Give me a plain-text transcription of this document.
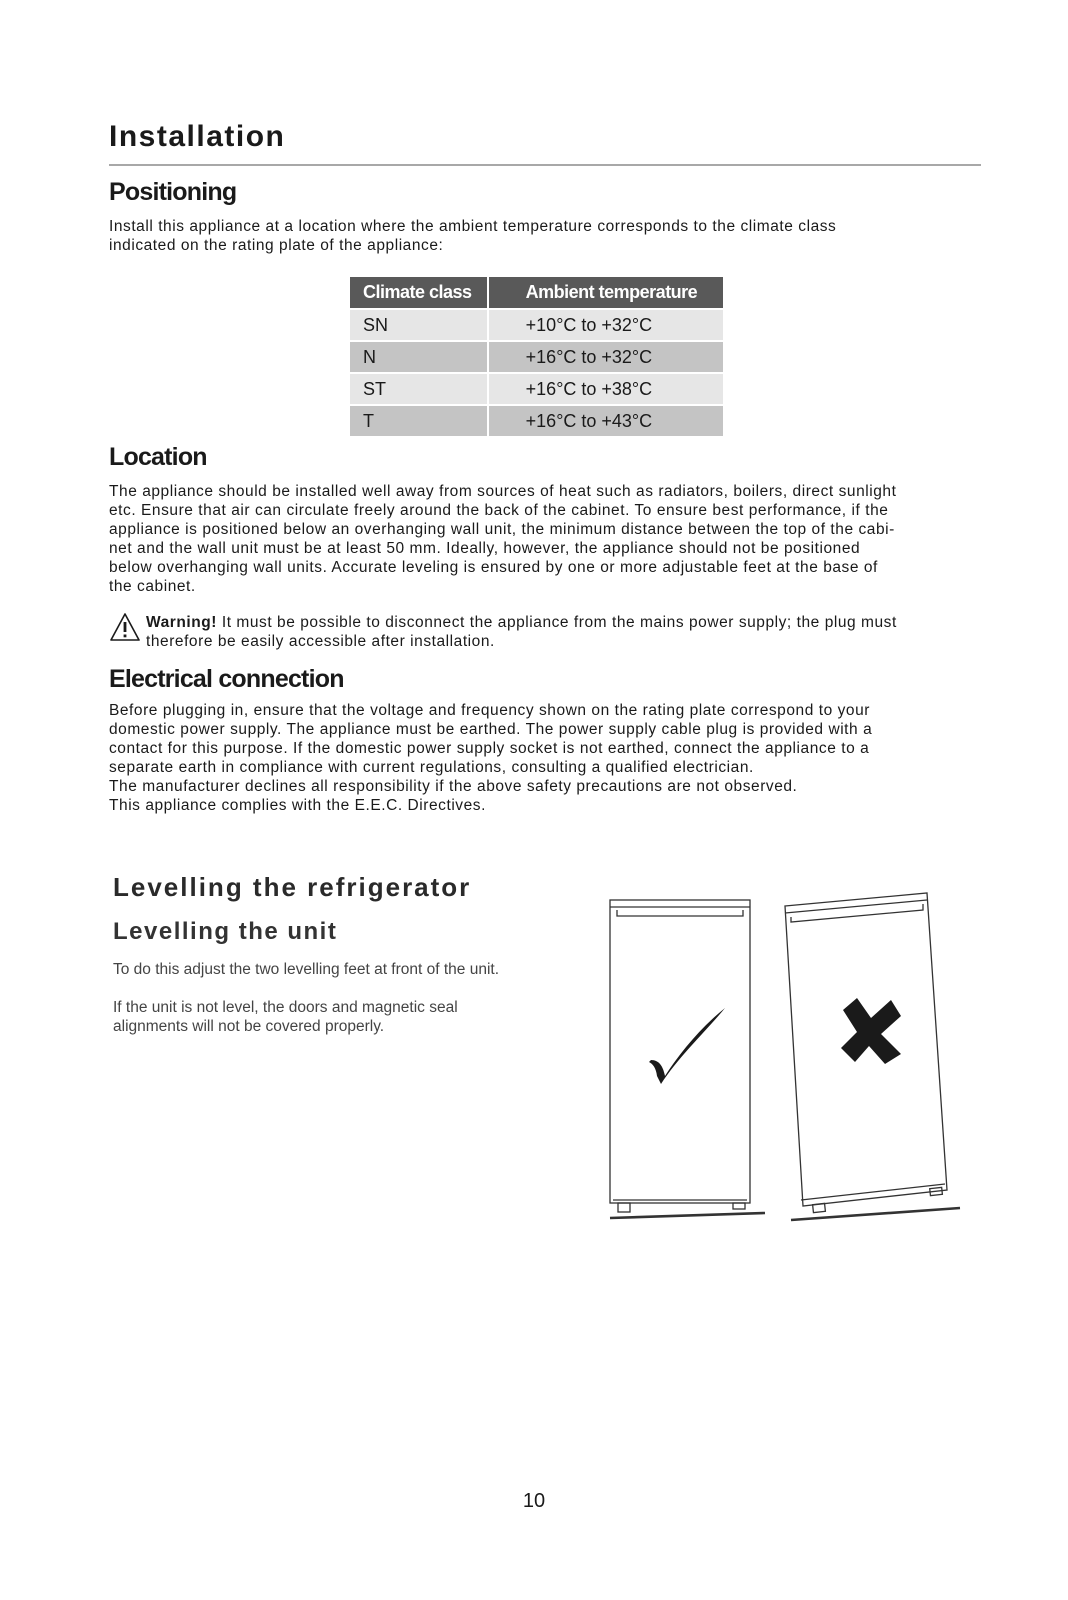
Installation
Positioning

Install this appliance at a location where the ambient temperature corresponds to the climate class
indicated on the rating plate of the appliance:

Climate class	Ambient temperature
SN	+10°C to +32°C
N	+16°C to +32°C
ST	+16°C to +38°C
T	+16°C to +43°C
Location

The appliance should be installed well away from sources of heat such as radiators, boilers, direct sunlight
etc. Ensure that air can circulate freely around the back of the cabinet. To ensure best performance, if the
appliance is positioned below an overhanging wall unit, the minimum distance between the top of the cabi-
net and the wall unit must be at least 50 mm. Ideally, however, the appliance should not be positioned
below overhanging wall units. Accurate leveling is ensured by one or more adjustable feet at the base of
the cabinet.

Warning! It must be possible to disconnect the appliance from the mains power supply; the plug must
therefore be easily accessible after installation.

Electrical connection

Before plugging in, ensure that the voltage and frequency shown on the rating plate correspond to your
domestic power supply. The appliance must be earthed. The power supply cable plug is provided with a
contact for this purpose. If the domestic power supply socket is not earthed, connect the appliance to a
separate earth in compliance with current regulations, consulting a qualified electrician.
The manufacturer declines all responsibility if the above safety precautions are not observed.
This appliance complies with the E.E.C. Directives.

Levelling the refrigerator
Levelling the unit

To do this adjust the two levelling feet at front of the unit.

If the unit is not level, the doors and magnetic seal
alignments will not be covered properly.

10
